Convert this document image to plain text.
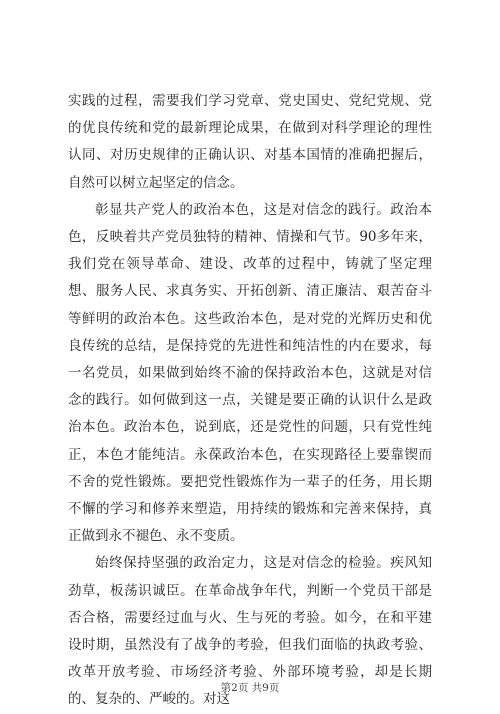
实践的过程，需要我们学习党章、党史国史、党纪党规、党的优良传统和党的最新理论成果，在做到对科学理论的理性认同、对历史规律的正确认识、对基本国情的准确把握后，自然可以树立起坚定的信念。

彰显共产党人的政治本色，这是对信念的践行。政治本色，反映着共产党员独特的精神、情操和气节。90多年来，我们党在领导革命、建设、改革的过程中，铸就了坚定理想、服务人民、求真务实、开拓创新、清正廉洁、艰苦奋斗等鲜明的政治本色。这些政治本色，是对党的光辉历史和优良传统的总结，是保持党的先进性和纯洁性的内在要求，每一名党员，如果做到始终不渝的保持政治本色，这就是对信念的践行。如何做到这一点，关键是要正确的认识什么是政治本色。政治本色，说到底，还是党性的问题，只有党性纯正，本色才能纯洁。永葆政治本色，在实现路径上要靠锲而不舍的党性锻炼。要把党性锻炼作为一辈子的任务，用长期不懈的学习和修养来塑造，用持续的锻炼和完善来保持，真正做到永不褪色、永不变质。

始终保持坚强的政治定力，这是对信念的检验。疾风知劲草，板荡识诚臣。在革命战争年代，判断一个党员干部是否合格，需要经过血与火、生与死的考验。如今，在和平建设时期，虽然没有了战争的考验，但我们面临的执政考验、改革开放考验、市场经济考验、外部环境考验，却是长期的、复杂的、严峻的。对这

第2页 共9页
